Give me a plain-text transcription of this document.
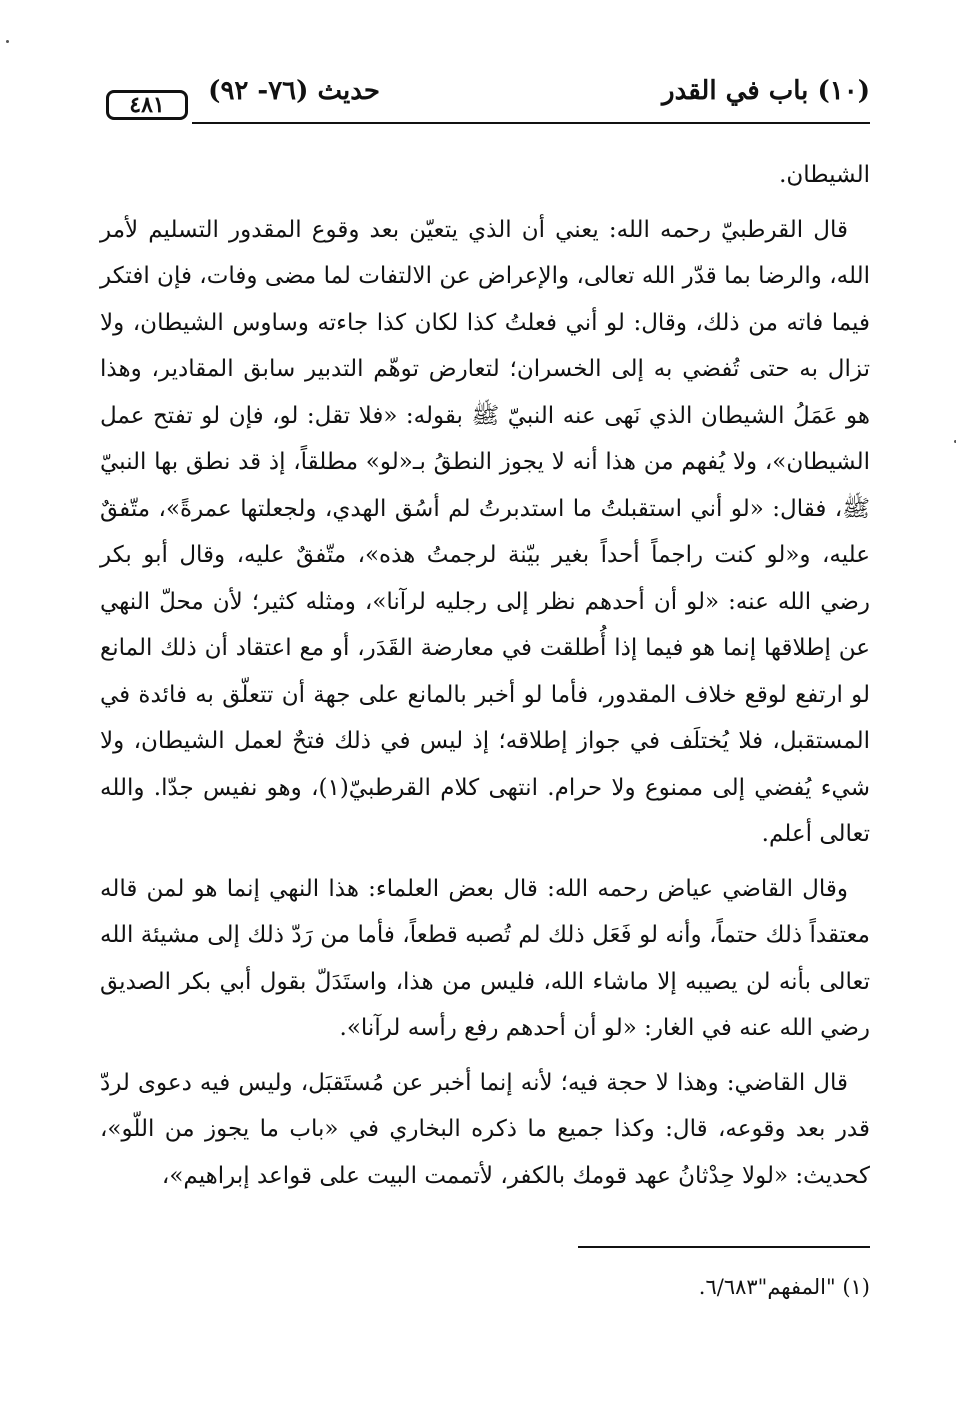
(١٠) باب في القدر
حديث (٧٦- ٩٢)
٤٨١

الشيطان.

قال القرطبيّ رحمه الله: يعني أن الذي يتعيّن بعد وقوع المقدور التسليم لأمر الله، والرضا بما قدّر الله تعالى، والإعراض عن الالتفات لما مضى وفات، فإن افتكر فيما فاته من ذلك، وقال: لو أني فعلتُ كذا لكان كذا جاءته وساوس الشيطان، ولا تزال به حتى تُفضي به إلى الخسران؛ لتعارض توهّم التدبير سابق المقادير، وهذا هو عَمَلُ الشيطان الذي نَهى عنه النبيّ ﷺ بقوله: «فلا تقل: لو، فإن لو تفتح عمل الشيطان»، ولا يُفهم من هذا أنه لا يجوز النطقُ بـ«لو» مطلقاً، إذ قد نطق بها النبيّ ﷺ، فقال: «لو أني استقبلتُ ما استدبرتُ لم أسُق الهدي، ولجعلتها عمرةً»، متّفقٌ عليه، و«لو كنت راجماً أحداً بغير بيّنة لرجمتُ هذه»، متّفقٌ عليه، وقال أبو بكر رضي الله عنه: «لو أن أحدهم نظر إلى رجليه لرآنا»، ومثله كثير؛ لأن محلّ النهي عن إطلاقها إنما هو فيما إذا أُطلقت في معارضة القَدَر، أو مع اعتقاد أن ذلك المانع لو ارتفع لوقع خلاف المقدور، فأما لو أخبر بالمانع على جهة أن تتعلّق به فائدة في المستقبل، فلا يُختلَف في جواز إطلاقه؛ إذ ليس في ذلك فتحٌ لعمل الشيطان، ولا شيء يُفضي إلى ممنوع ولا حرام. انتهى كلام القرطبيّ(١)، وهو نفيس جدّا. والله تعالى أعلم.

وقال القاضي عياض رحمه الله: قال بعض العلماء: هذا النهي إنما هو لمن قاله معتقداً ذلك حتماً، وأنه لو فَعَل ذلك لم تُصبه قطعاً، فأما من رَدّ ذلك إلى مشيئة الله تعالى بأنه لن يصيبه إلا ماشاء الله، فليس من هذا، واستَدَلّ بقول أبي بكر الصديق رضي الله عنه في الغار: «لو أن أحدهم رفع رأسه لرآنا».

قال القاضي: وهذا لا حجة فيه؛ لأنه إنما أخبر عن مُستَقبَل، وليس فيه دعوى لردّ قدر بعد وقوعه، قال: وكذا جميع ما ذكره البخاري في «باب ما يجوز من اللّو»، كحديث: «لولا حِدْثانُ عهد قومك بالكفر، لأتممت البيت على قواعد إبراهيم»،

(١) "المفهم"٦/٦٨٣.
